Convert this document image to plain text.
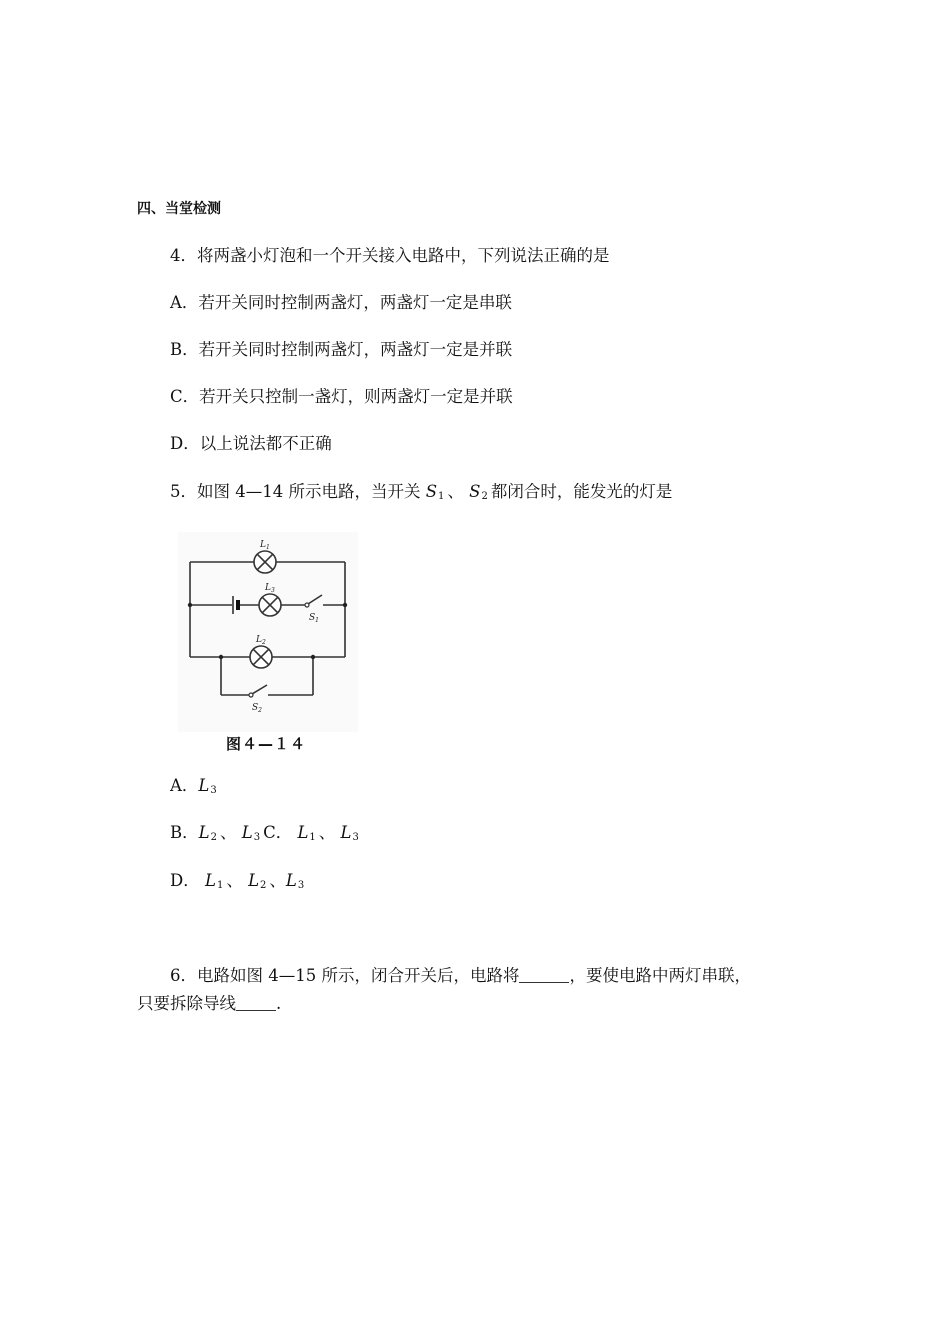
四、当堂检测
4．将两盏小灯泡和一个开关接入电路中，下列说法正确的是
A．若开关同时控制两盏灯，两盏灯一定是串联
B．若开关同时控制两盏灯，两盏灯一定是并联
C．若开关只控制一盏灯，则两盏灯一定是并联
D．以上说法都不正确
5．如图 4—14 所示电路，当开关 $S_1$ 、 $S_2$ 都闭合时，能发光的灯是
$L_1$
$L_3$
$L_2$
$S_1$
$S_2$
图４—１４
A．$L_3$
B．$L_2$ 、 $L_3$ C． $L_1$ 、 $L_3$
D． $L_1$ 、 $L_2$ 、$L_3$
6．电路如图 4—15 所示，闭合开关后，电路将	，要使电路中两灯串联，
只要拆除导线 .
